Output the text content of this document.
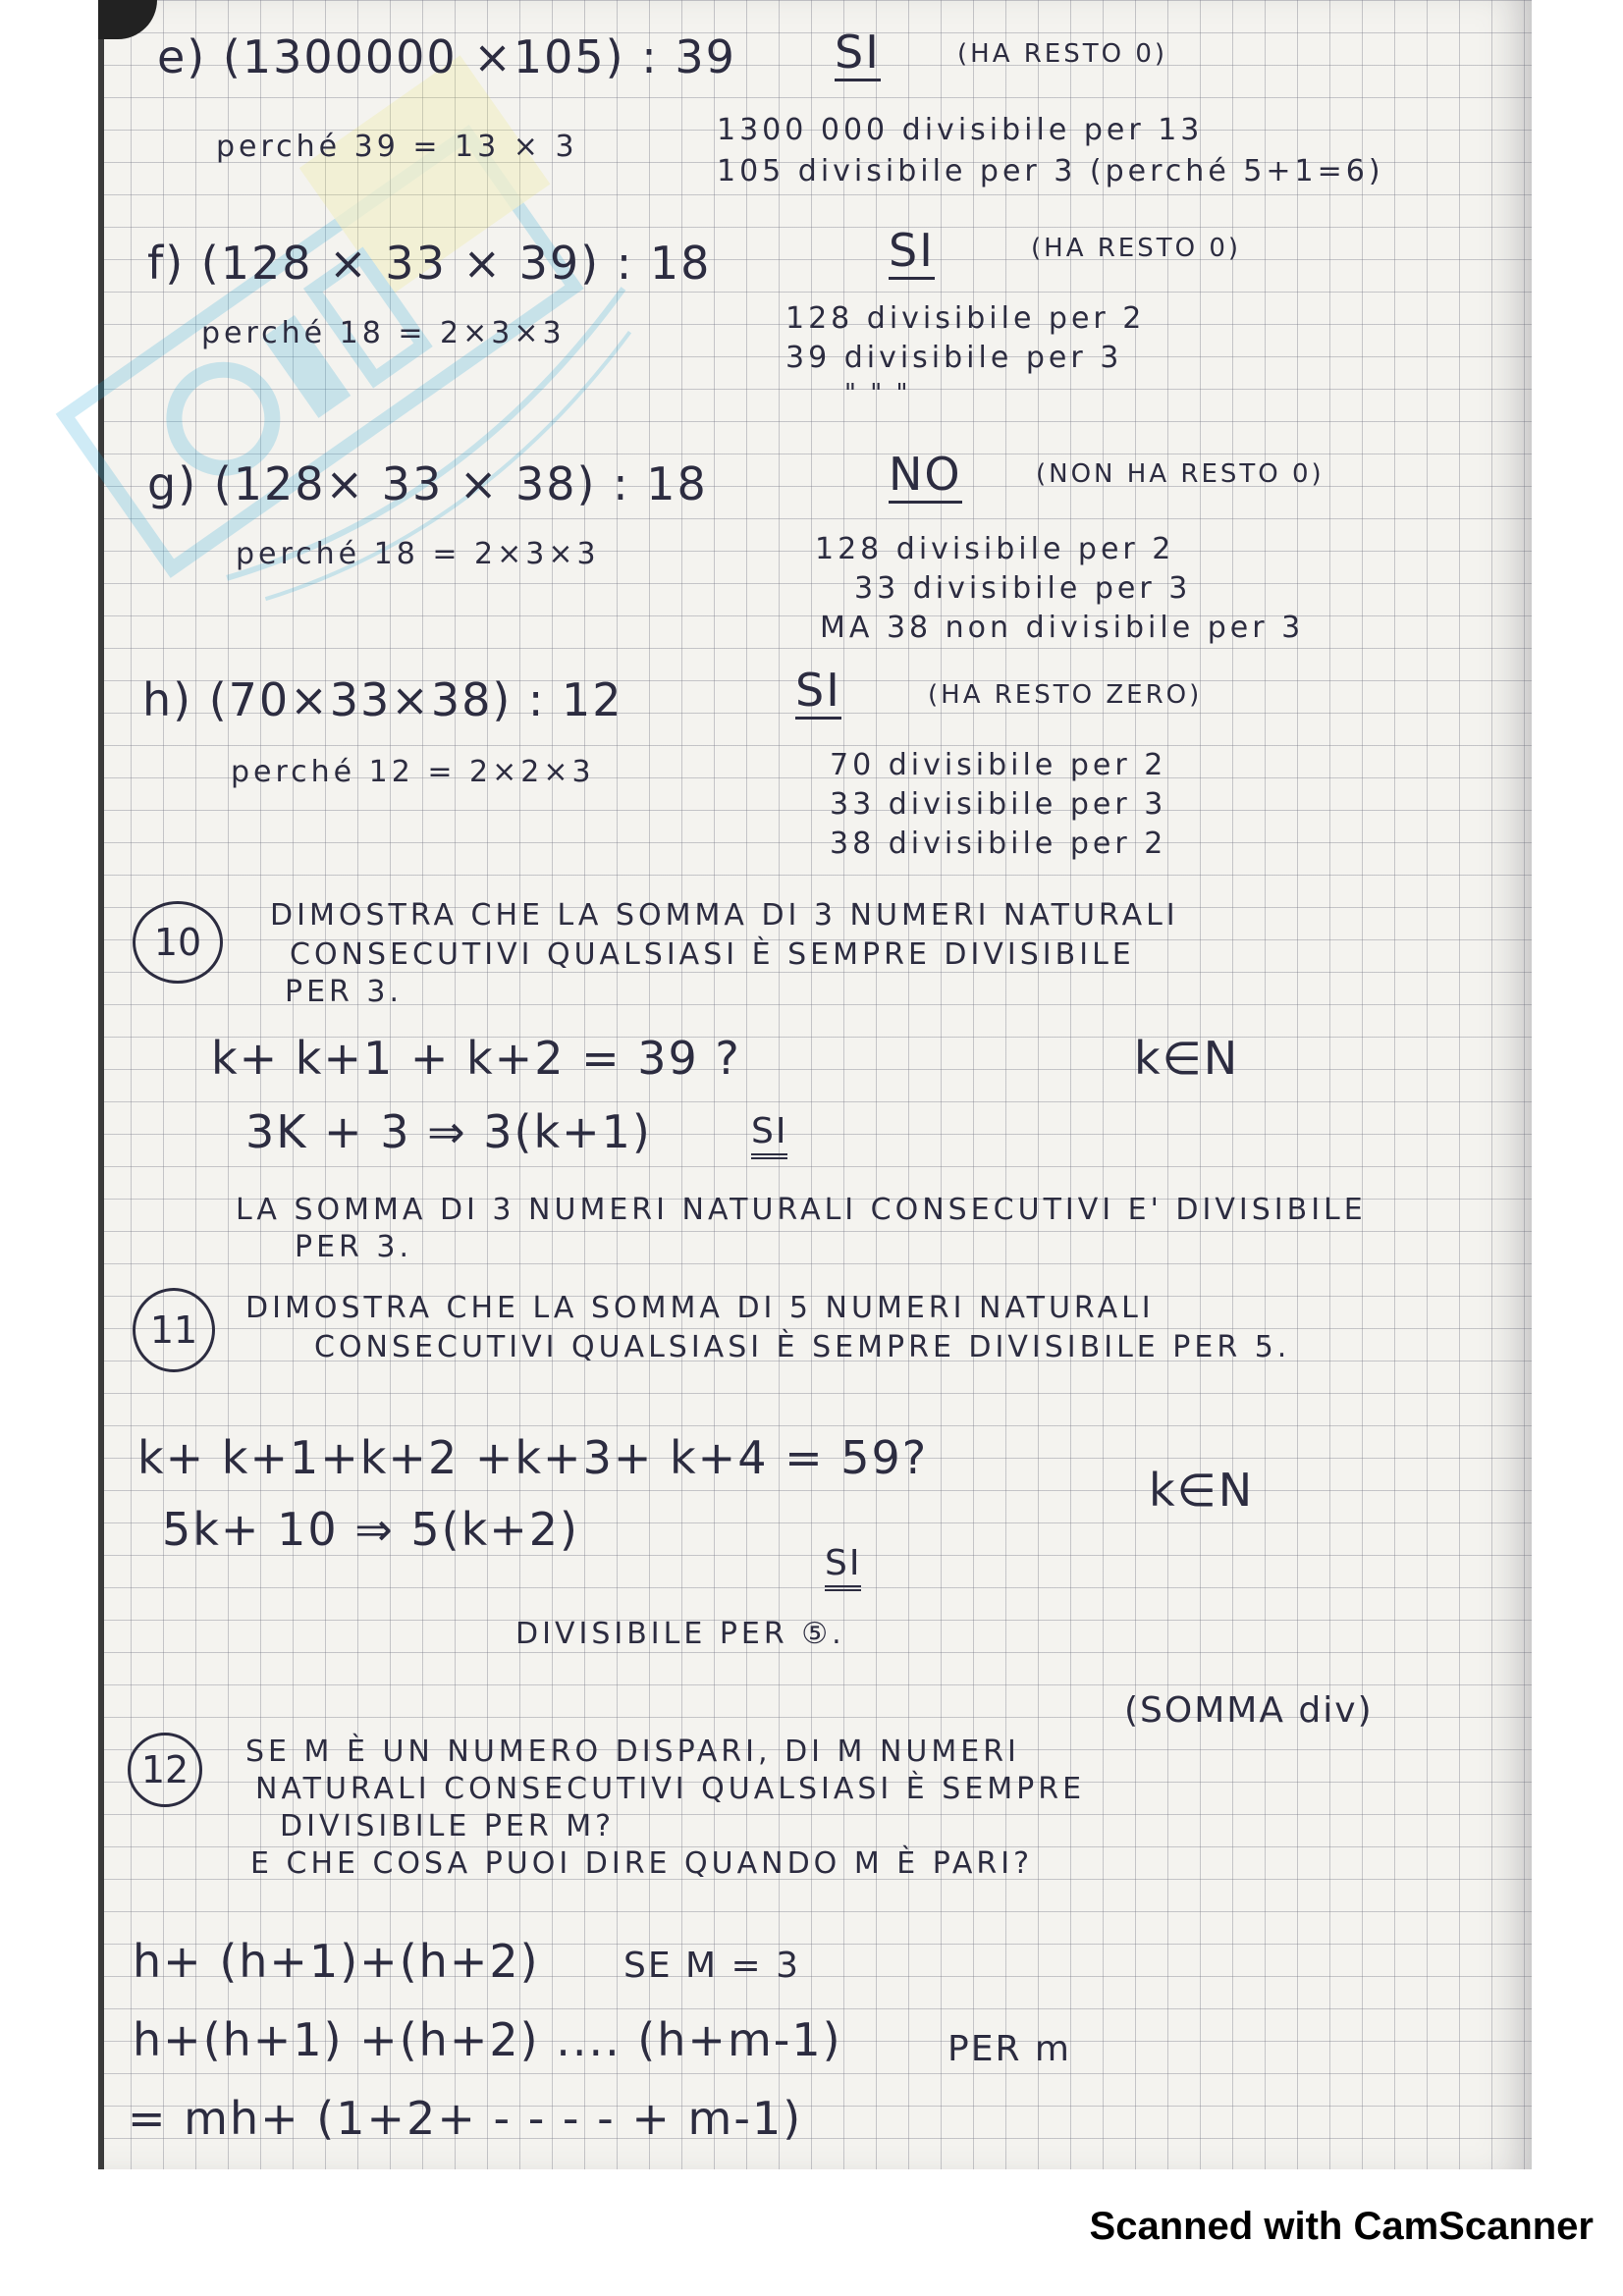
e) (1300000 ×105) : 39 SI	(HA RESTO 0)
perché 39 = 13 × 3	1300 000 divisibile per 13
105 divisibile per 3 (perché 5+1=6)
f) (128 × 33 × 39) : 18	SI	(HA RESTO 0)
perché 18 = 2×3×3	128 divisibile per 2
39 divisibile per 3
" " "
g) (128× 33 × 38) : 18	NO	(NON HA RESTO 0)
perché 18 = 2×3×3	128 divisibile per 2
33 divisibile per 3
MA 38 non divisibile per 3
h) (70×33×38) : 12	SI	(HA RESTO ZERO)
perché 12 = 2×2×3	70 divisibile per 2
33 divisibile per 3
38 divisibile per 2
10
DIMOSTRA CHE LA SOMMA DI 3 NUMERI NATURALI
CONSECUTIVI QUALSIASI È SEMPRE DIVISIBILE
PER 3.
k+ k+1 + k+2 = 39 ?	k∈N
3K + 3 ⇒ 3(k+1)	SI
LA SOMMA DI 3 NUMERI NATURALI CONSECUTIVI E' DIVISIBILE
PER 3.
11
DIMOSTRA CHE LA SOMMA DI 5 NUMERI NATURALI
CONSECUTIVI QUALSIASI È SEMPRE DIVISIBILE PER 5.
k+ k+1+k+2 +k+3+ k+4 = 59?
k∈N
5k+ 10 ⇒ 5(k+2)
SI
DIVISIBILE PER ⑤.
(SOMMA div)
12	SE M È UN NUMERO DISPARI, DI M NUMERI
NATURALI CONSECUTIVI QUALSIASI È SEMPRE
DIVISIBILE PER M?
E CHE COSA PUOI DIRE QUANDO M È PARI?
h+ (h+1)+(h+2) SE M = 3
h+(h+1) +(h+2) .... (h+m-1)	PER m
= mh+ (1+2+ - - - - + m-1)
Scanned with CamScanner
